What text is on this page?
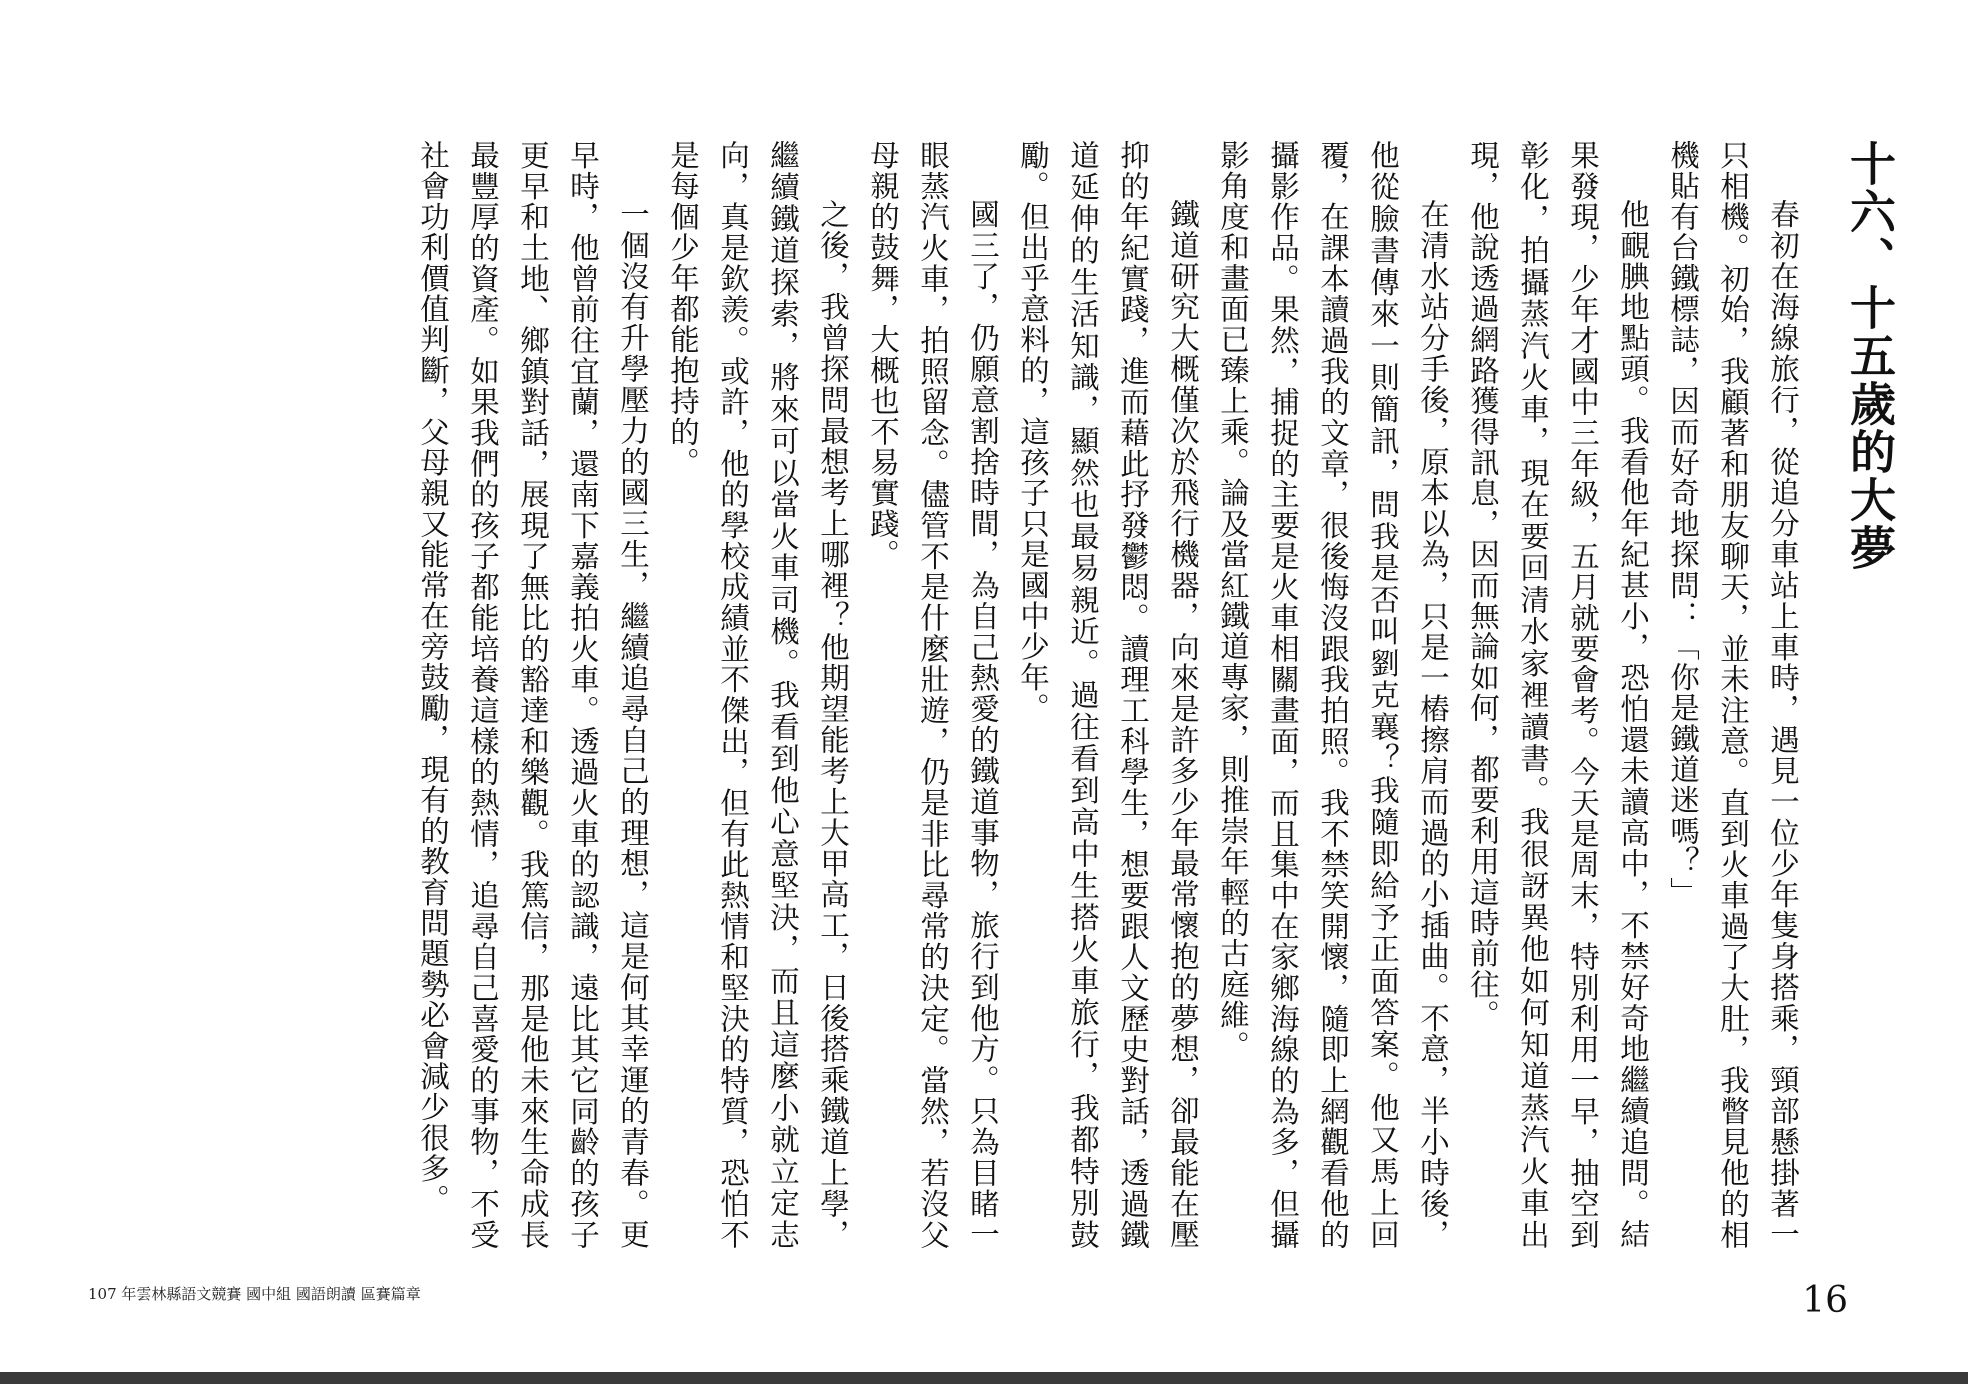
十六、十五歲的大夢

春初在海線旅行，從追分車站上車時，遇見一位少年隻身搭乘，頸部懸掛著一只相機。初始，我顧著和朋友聊天，並未注意。直到火車過了大肚，我瞥見他的相機貼有台鐵標誌，因而好奇地探問：「你是鐵道迷嗎？」

他靦腆地點頭。我看他年紀甚小，恐怕還未讀高中，不禁好奇地繼續追問。結果發現，少年才國中三年級，五月就要會考。今天是周末，特別利用一早，抽空到彰化，拍攝蒸汽火車，現在要回清水家裡讀書。我很訝異他如何知道蒸汽火車出現，他說透過網路獲得訊息，因而無論如何，都要利用這時前往。

在清水站分手後，原本以為，只是一樁擦肩而過的小插曲。不意，半小時後，他從臉書傳來一則簡訊，問我是否叫劉克襄？我隨即給予正面答案。他又馬上回覆，在課本讀過我的文章，很後悔沒跟我拍照。我不禁笑開懷，隨即上網觀看他的攝影作品。果然，捕捉的主要是火車相關畫面，而且集中在家鄉海線的為多，但攝影角度和畫面已臻上乘。論及當紅鐵道專家，則推崇年輕的古庭維。

鐵道研究大概僅次於飛行機器，向來是許多少年最常懷抱的夢想，卻最能在壓抑的年紀實踐，進而藉此抒發鬱悶。讀理工科學生，想要跟人文歷史對話，透過鐵道延伸的生活知識，顯然也最易親近。過往看到高中生搭火車旅行，我都特別鼓勵。但出乎意料的，這孩子只是國中少年。

國三了，仍願意割捨時間，為自己熱愛的鐵道事物，旅行到他方。只為目睹一眼蒸汽火車，拍照留念。儘管不是什麼壯遊，仍是非比尋常的決定。當然，若沒父母親的鼓舞，大概也不易實踐。

之後，我曾探問最想考上哪裡？他期望能考上大甲高工，日後搭乘鐵道上學，繼續鐵道探索，將來可以當火車司機。我看到他心意堅決，而且這麼小就立定志向，真是欽羨。或許，他的學校成績並不傑出，但有此熱情和堅決的特質，恐怕不是每個少年都能抱持的。

一個沒有升學壓力的國三生，繼續追尋自己的理想，這是何其幸運的青春。更早時，他曾前往宜蘭，還南下嘉義拍火車。透過火車的認識，遠比其它同齡的孩子更早和土地、鄉鎮對話，展現了無比的豁達和樂觀。我篤信，那是他未來生命成長最豐厚的資產。如果我們的孩子都能培養這樣的熱情，追尋自己喜愛的事物，不受社會功利價值判斷，父母親又能常在旁鼓勵，現有的教育問題勢必會減少很多。

107 年雲林縣語文競賽 國中組 國語朗讀 區賽篇章	16
